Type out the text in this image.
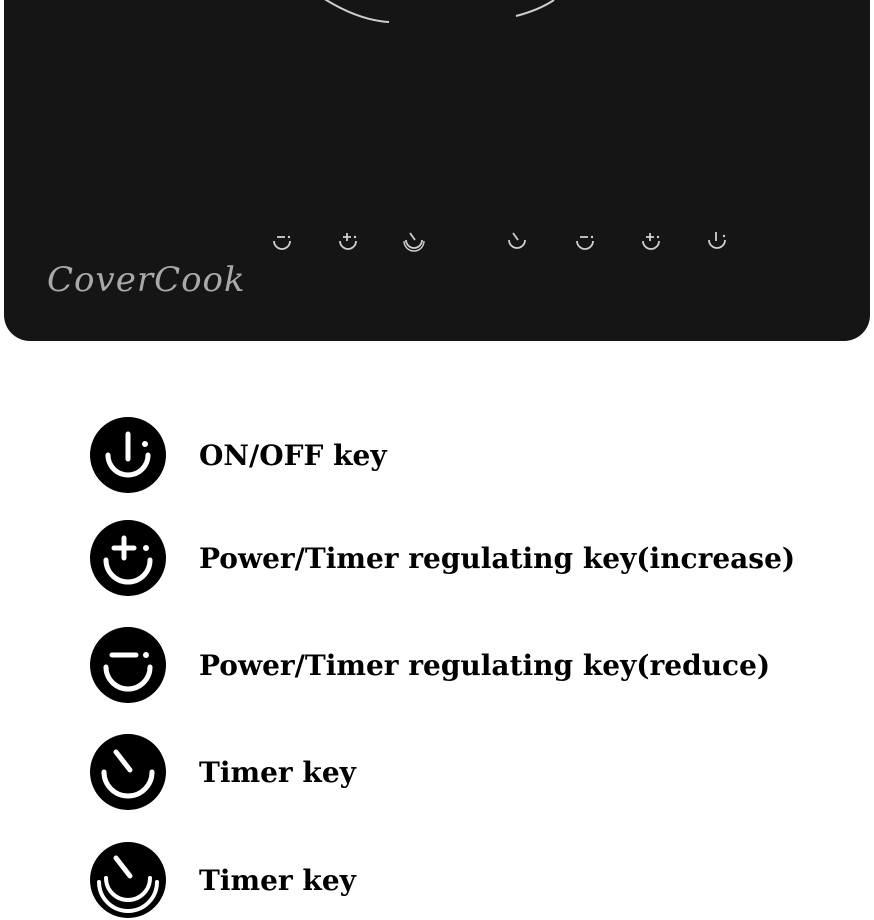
CoverCook
ON/OFF key
Power/Timer regulating key(increase)
Power/Timer regulating key(reduce)
Timer key
Timer key
